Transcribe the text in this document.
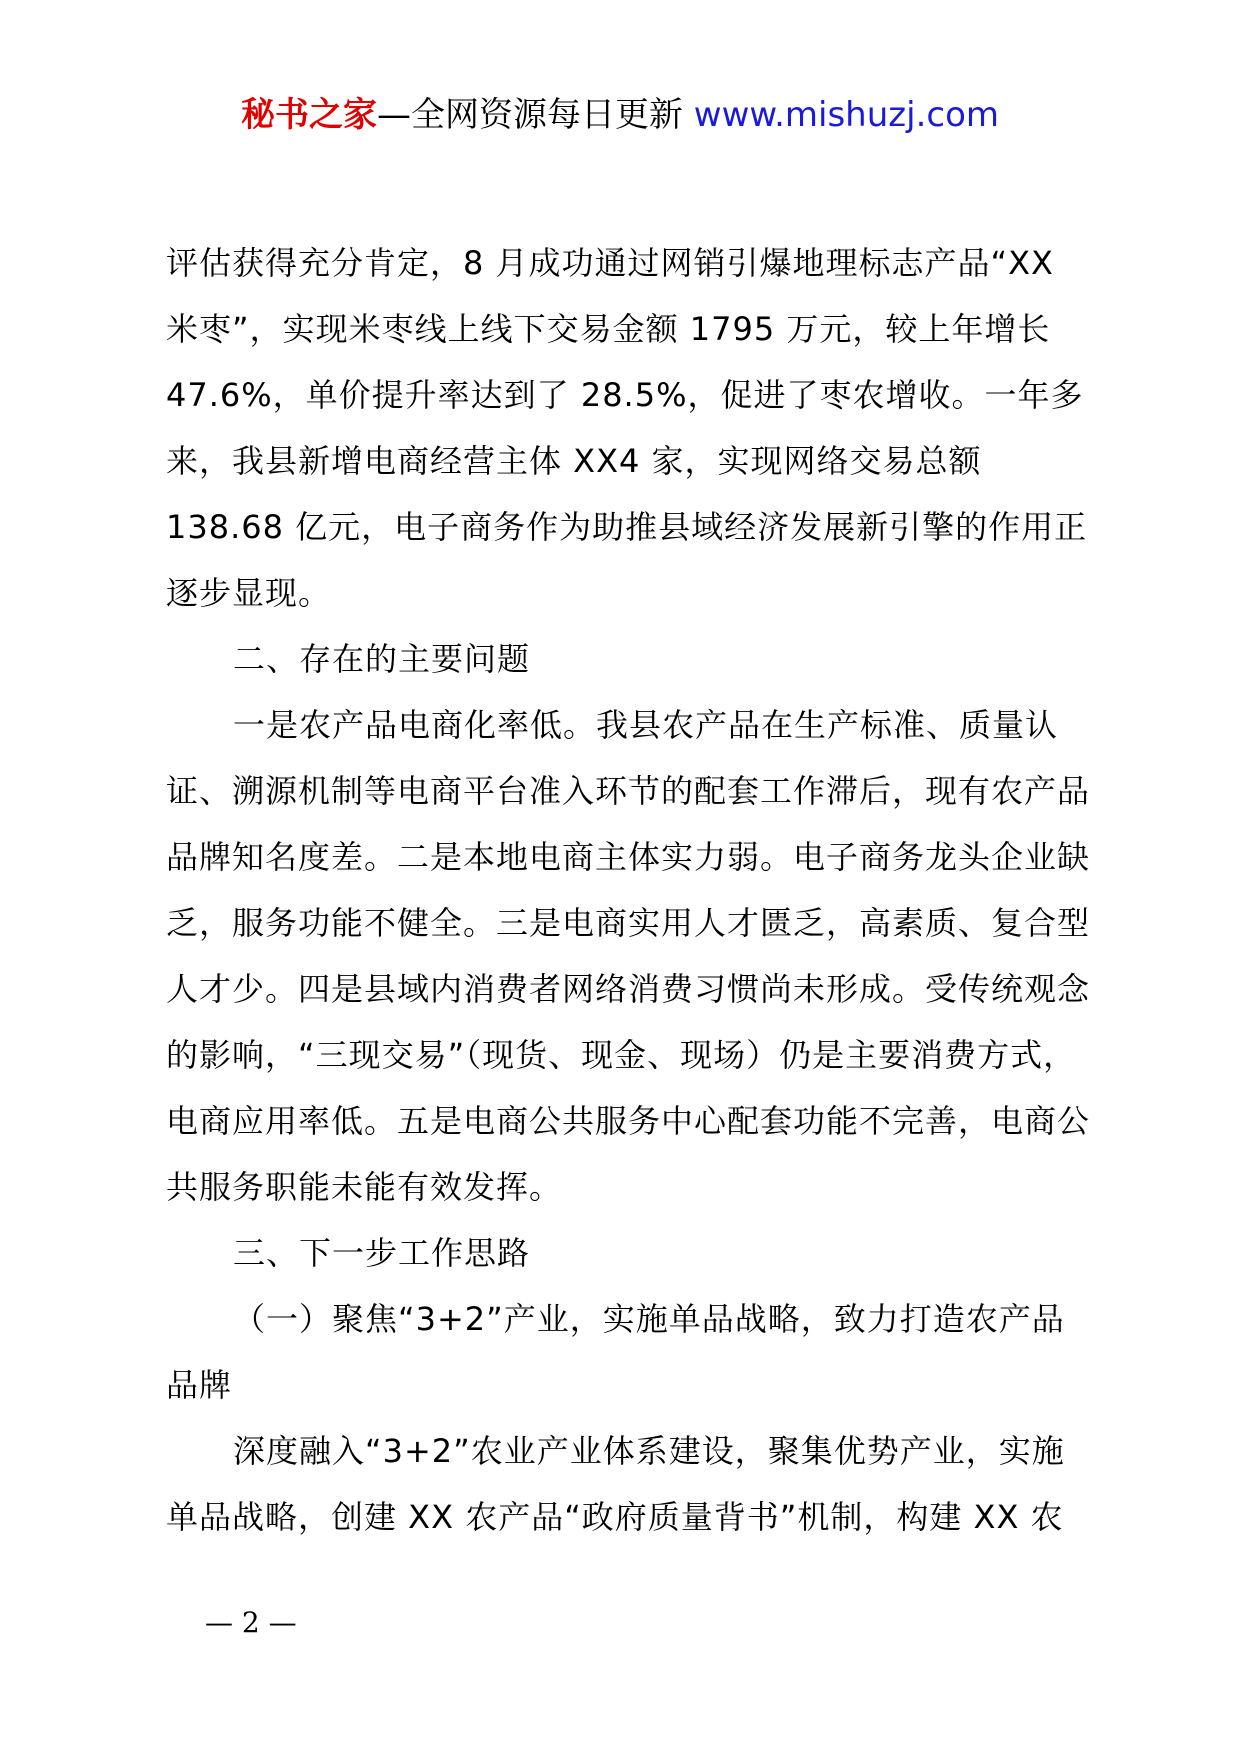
秘书之家—全网资源每日更新 www.mishuzj.com

评估获得充分肯定，8 月成功通过网销引爆地理标志产品“XX 米枣”，实现米枣线上线下交易金额 1795 万元，较上年增长 47.6%，单价提升率达到了 28.5%，促进了枣农增收。一年多来，我县新增电商经营主体 XX4 家，实现网络交易总额 138.68 亿元，电子商务作为助推县域经济发展新引擎的作用正逐步显现。

二、存在的主要问题

一是农产品电商化率低。我县农产品在生产标准、质量认证、溯源机制等电商平台准入环节的配套工作滞后，现有农产品品牌知名度差。二是本地电商主体实力弱。电子商务龙头企业缺乏，服务功能不健全。三是电商实用人才匮乏，高素质、复合型人才少。四是县域内消费者网络消费习惯尚未形成。受传统观念的影响，“三现交易”（现货、现金、现场）仍是主要消费方式，电商应用率低。五是电商公共服务中心配套功能不完善，电商公共服务职能未能有效发挥。

三、下一步工作思路

（一）聚焦“3+2”产业，实施单品战略，致力打造农产品品牌

深度融入“3+2”农业产业体系建设，聚集优势产业，实施单品战略，创建 XX 农产品“政府质量背书”机制，构建 XX 农

— 2 —
